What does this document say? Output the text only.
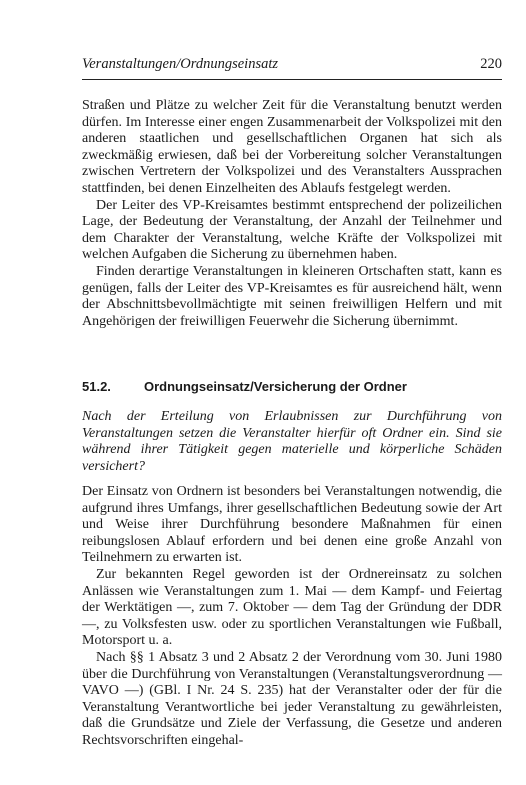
Veranstaltungen/Ordnungseinsatz	220

Straßen und Plätze zu welcher Zeit für die Veranstaltung benutzt werden dürfen. Im Interesse einer engen Zusammenarbeit der Volkspolizei mit den anderen staatlichen und gesellschaftlichen Organen hat sich als zweckmäßig erwiesen, daß bei der Vorbereitung solcher Veranstaltungen zwischen Vertretern der Volkspolizei und des Veranstalters Aussprachen stattfinden, bei denen Einzelheiten des Ablaufs festgelegt werden.

Der Leiter des VP-Kreisamtes bestimmt entsprechend der polizeilichen Lage, der Bedeutung der Veranstaltung, der Anzahl der Teilnehmer und dem Charakter der Veranstaltung, welche Kräfte der Volkspolizei mit welchen Aufgaben die Sicherung zu übernehmen haben.

Finden derartige Veranstaltungen in kleineren Ortschaften statt, kann es genügen, falls der Leiter des VP-Kreisamtes es für ausreichend hält, wenn der Abschnittsbevollmächtigte mit seinen freiwilligen Helfern und mit Angehörigen der freiwilligen Feuerwehr die Sicherung übernimmt.

51.2.	Ordnungseinsatz/Versicherung der Ordner

Nach der Erteilung von Erlaubnissen zur Durchführung von Veranstaltungen setzen die Veranstalter hierfür oft Ordner ein. Sind sie während ihrer Tätigkeit gegen materielle und körperliche Schäden versichert?

Der Einsatz von Ordnern ist besonders bei Veranstaltungen notwendig, die aufgrund ihres Umfangs, ihrer gesellschaftlichen Bedeutung sowie der Art und Weise ihrer Durchführung besondere Maßnahmen für einen reibungslosen Ablauf erfordern und bei denen eine große Anzahl von Teilnehmern zu erwarten ist.

Zur bekannten Regel geworden ist der Ordnereinsatz zu solchen Anlässen wie Veranstaltungen zum 1. Mai — dem Kampf- und Feiertag der Werktätigen —, zum 7. Oktober — dem Tag der Gründung der DDR —, zu Volksfesten usw. oder zu sportlichen Veranstaltungen wie Fußball, Motorsport u. a.

Nach §§ 1 Absatz 3 und 2 Absatz 2 der Verordnung vom 30. Juni 1980 über die Durchführung von Veranstaltungen (Veranstaltungsverordnung — VAVO —) (GBl. I Nr. 24 S. 235) hat der Veranstalter oder der für die Veranstaltung Verantwortliche bei jeder Veranstaltung zu gewährleisten, daß die Grundsätze und Ziele der Verfassung, die Gesetze und anderen Rechtsvorschriften eingehal-
